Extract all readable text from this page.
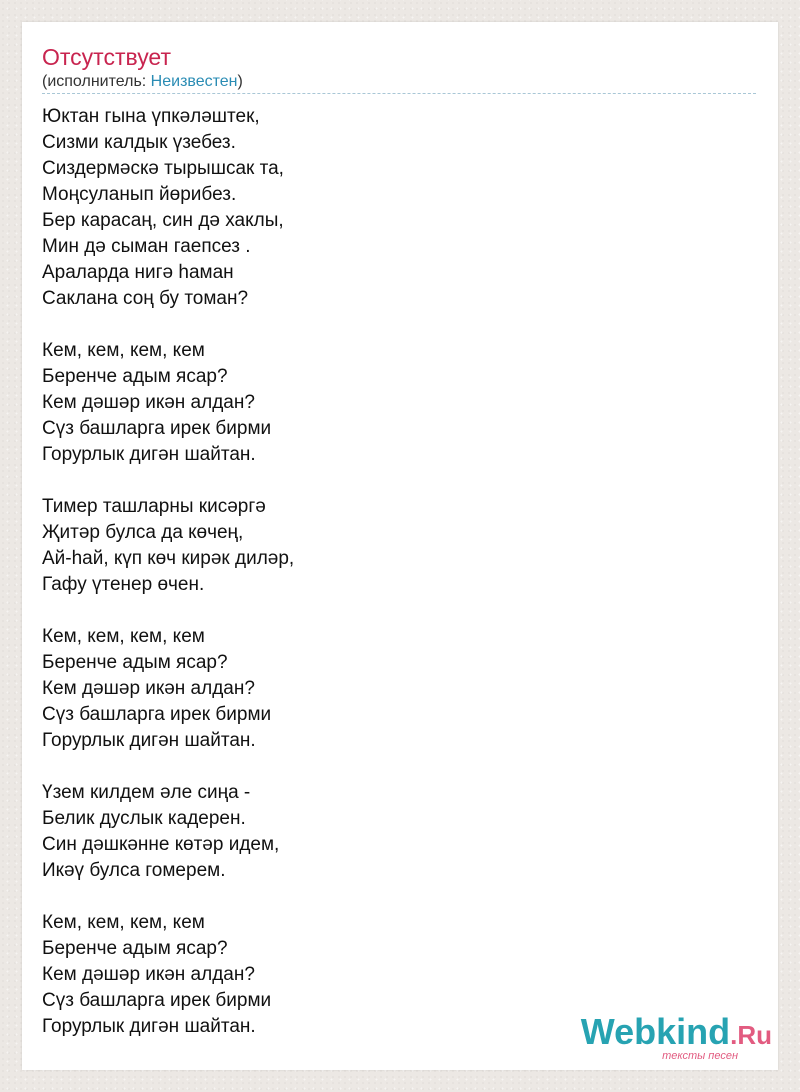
Отсутствует
(исполнитель: Неизвестен)
Юктан гына үпкәләштек,
Сизми калдык үзебез.
Сиздермәскә тырышсак та,
Моңсуланып йөрибез.
Бер карасаң, син дә хаклы,
Мин дә сыман гаепсез .
Араларда нигә һаман
Саклана соң бу томан?
Кем, кем, кем, кем
Беренче адым ясар?
Кем дәшәр икән алдан?
Сүз башларга ирек бирми
Горурлык дигән шайтан.
Тимер ташларны кисәргә
Җитәр булса да көчең,
Ай-һай, күп көч кирәк диләр,
Гафу үтенер өчен.
Кем, кем, кем, кем
Беренче адым ясар?
Кем дәшәр икән алдан?
Сүз башларга ирек бирми
Горурлык дигән шайтан.
Үзем килдем әле сиңа -
Белик дуслык кадерен.
Син дәшкәнне көтәр идем,
Икәү булса гомерем.
Кем, кем, кем, кем
Беренче адым ясар?
Кем дәшәр икән алдан?
Сүз башларга ирек бирми
Горурлык дигән шайтан.	Webkind.Ru
тексты песен
